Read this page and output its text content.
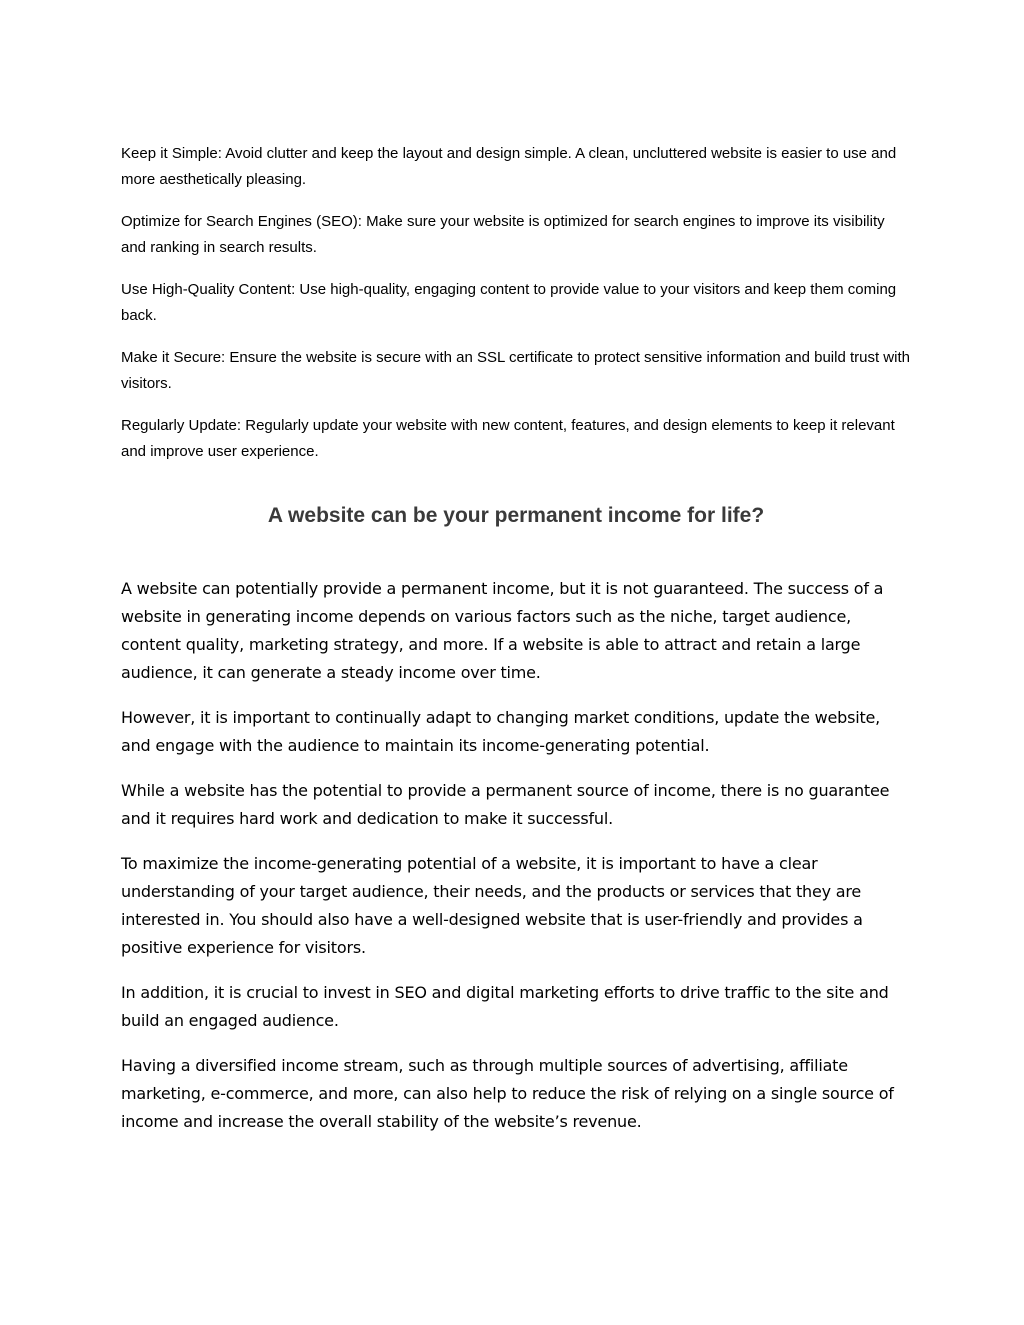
Keep it Simple: Avoid clutter and keep the layout and design simple. A clean, uncluttered website is easier to use and more aesthetically pleasing.

Optimize for Search Engines (SEO): Make sure your website is optimized for search engines to improve its visibility and ranking in search results.

Use High-Quality Content: Use high-quality, engaging content to provide value to your visitors and keep them coming back.

Make it Secure: Ensure the website is secure with an SSL certificate to protect sensitive information and build trust with visitors.

Regularly Update: Regularly update your website with new content, features, and design elements to keep it relevant and improve user experience.

A website can be your permanent income for life?

A website can potentially provide a permanent income, but it is not guaranteed. The success of a website in generating income depends on various factors such as the niche, target audience, content quality, marketing strategy, and more. If a website is able to attract and retain a large audience, it can generate a steady income over time.

However, it is important to continually adapt to changing market conditions, update the website, and engage with the audience to maintain its income-generating potential.

While a website has the potential to provide a permanent source of income, there is no guarantee and it requires hard work and dedication to make it successful.

To maximize the income-generating potential of a website, it is important to have a clear understanding of your target audience, their needs, and the products or services that they are interested in. You should also have a well-designed website that is user-friendly and provides a positive experience for visitors.

In addition, it is crucial to invest in SEO and digital marketing efforts to drive traffic to the site and build an engaged audience.

Having a diversified income stream, such as through multiple sources of advertising, affiliate marketing, e-commerce, and more, can also help to reduce the risk of relying on a single source of income and increase the overall stability of the website’s revenue.
